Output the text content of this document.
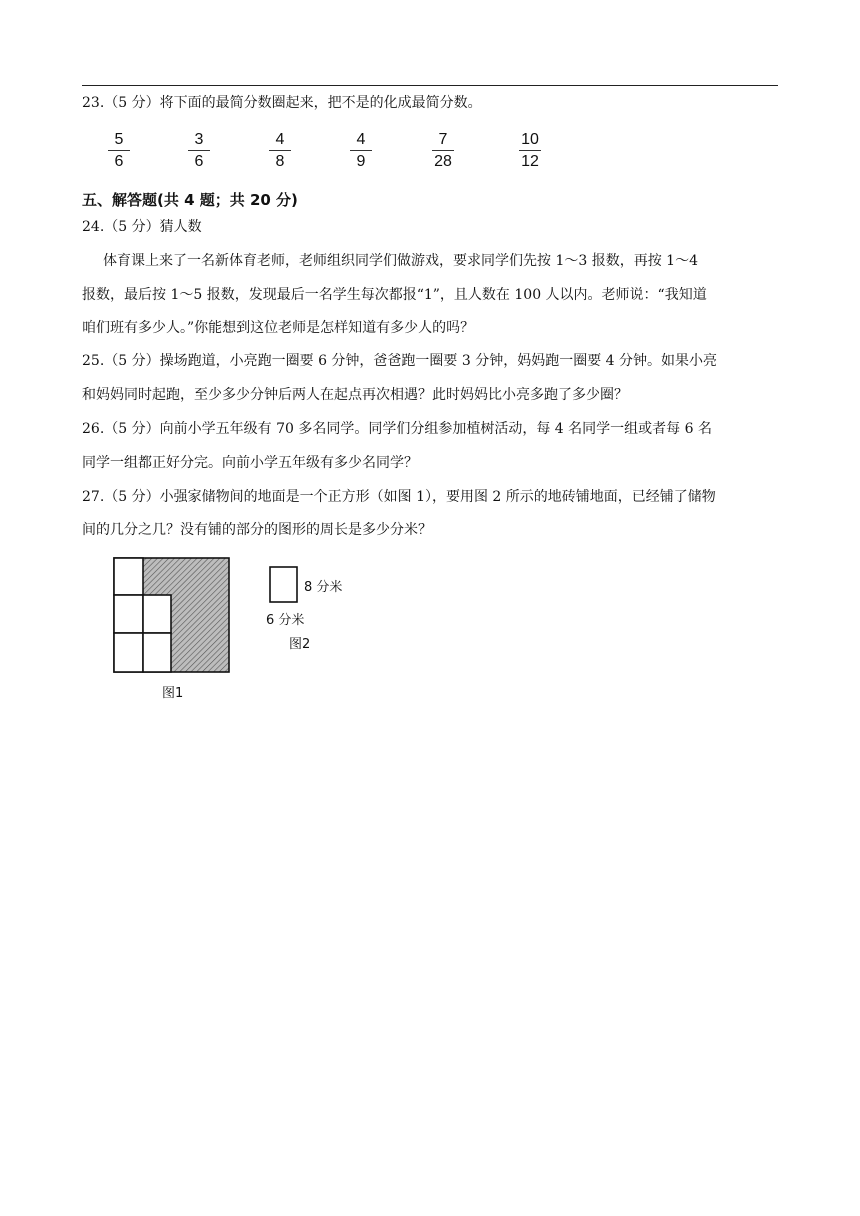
23.（5 分）将下面的最简分数圈起来，把不是的化成最简分数。
5
6
3
6
4
8
4
9
7
28
10
12
五、解答题(共 4 题；共 20 分)
24.（5 分）猜人数
体育课上来了一名新体育老师，老师组织同学们做游戏，要求同学们先按 1～3 报数，再按 1～4
报数，最后按 1～5 报数，发现最后一名学生每次都报“1”，且人数在 100 人以内。老师说：“我知道
咱们班有多少人。”你能想到这位老师是怎样知道有多少人的吗？
25.（5 分）操场跑道，小亮跑一圈要 6 分钟，爸爸跑一圈要 3 分钟，妈妈跑一圈要 4 分钟。如果小亮
和妈妈同时起跑，至少多少分钟后两人在起点再次相遇？此时妈妈比小亮多跑了多少圈？
26.（5 分）向前小学五年级有 70 多名同学。同学们分组参加植树活动，每 4 名同学一组或者每 6 名
同学一组都正好分完。向前小学五年级有多少名同学？
27.（5 分）小强家储物间的地面是一个正方形（如图 1），要用图 2 所示的地砖铺地面，已经铺了储物
间的几分之几？没有铺的部分的图形的周长是多少分米？
图1
8 分米
6 分米
图2
